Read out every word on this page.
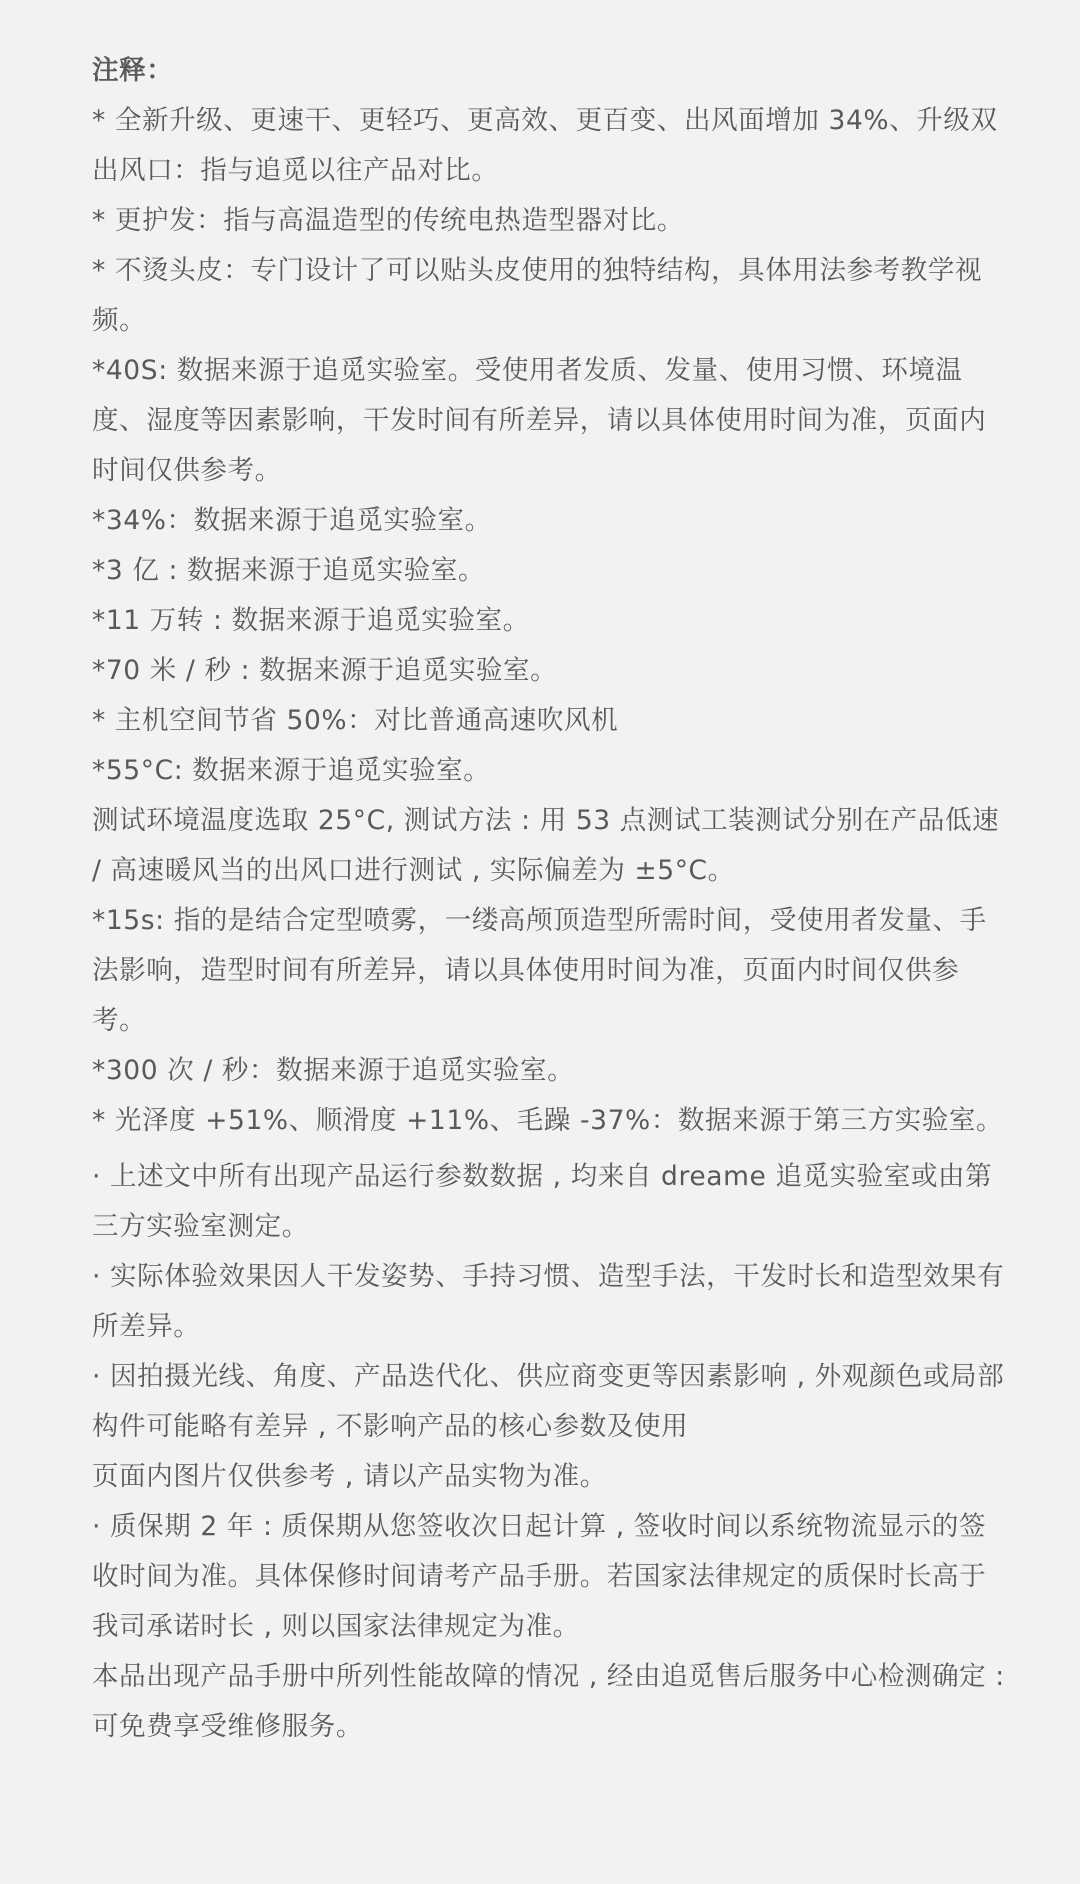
注释：

* 全新升级、更速干、更轻巧、更高效、更百变、出风面增加 34%、升级双出风口：指与追觅以往产品对比。

* 更护发：指与高温造型的传统电热造型器对比。

* 不烫头皮：专门设计了可以贴头皮使用的独特结构，具体用法参考教学视频。

*40S: 数据来源于追觅实验室。受使用者发质、发量、使用习惯、环境温度、湿度等因素影响，干发时间有所差异，请以具体使用时间为准，页面内时间仅供参考。

*34%：数据来源于追觅实验室。

*3 亿 : 数据来源于追觅实验室。

*11 万转 : 数据来源于追觅实验室。

*70 米 / 秒 : 数据来源于追觅实验室。

* 主机空间节省 50%：对比普通高速吹风机

*55°C: 数据来源于追觅实验室。

测试环境温度选取 25°C, 测试方法 : 用 53 点测试工装测试分别在产品低速 / 高速暖风当的出风口进行测试 , 实际偏差为 ±5°C。

*15s: 指的是结合定型喷雾，一缕高颅顶造型所需时间，受使用者发量、手法影响，造型时间有所差异，请以具体使用时间为准，页面内时间仅供参考。

*300 次 / 秒：数据来源于追觅实验室。

* 光泽度 +51%、顺滑度 +11%、毛躁 -37%：数据来源于第三方实验室。

· 上述文中所有出现产品运行参数数据 , 均来自 dreame 追觅实验室或由第三方实验室测定。

· 实际体验效果因人干发姿势、手持习惯、造型手法，干发时长和造型效果有所差异。

· 因拍摄光线、角度、产品迭代化、供应商变更等因素影响 , 外观颜色或局部构件可能略有差异 , 不影响产品的核心参数及使用

页面内图片仅供参考 , 请以产品实物为准。

· 质保期 2 年 : 质保期从您签收次日起计算 , 签收时间以系统物流显示的签收时间为准。具体保修时间请考产品手册。若国家法律规定的质保时长高于我司承诺时长 , 则以国家法律规定为准。

本品出现产品手册中所列性能故障的情况 , 经由追觅售后服务中心检测确定 : 可免费享受维修服务。
